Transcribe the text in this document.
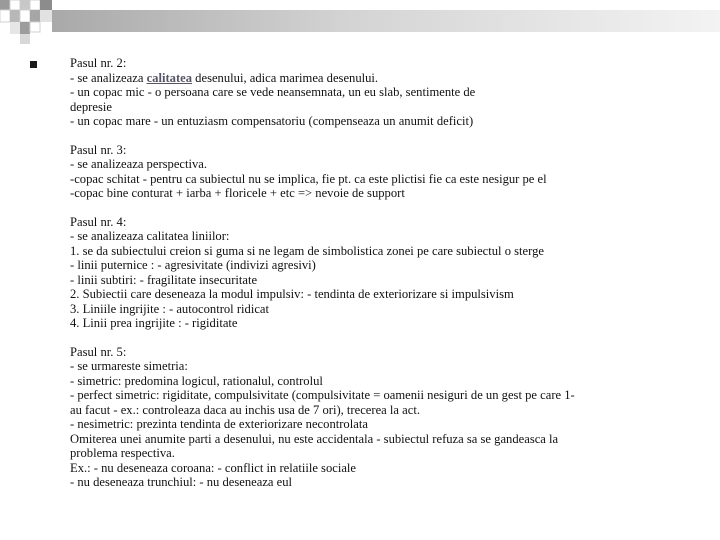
Pasul nr. 2:
- se analizeaza calitatea desenului, adica marimea desenului.
- un copac mic - o persoana care se vede neansemnata, un eu slab, sentimente de
depresie
- un copac mare - un entuziasm compensatoriu (compenseaza un anumit deficit)
Pasul nr. 3:
- se analizeaza perspectiva.
-copac schitat - pentru ca subiectul nu se implica, fie pt. ca este plictisi fie ca este nesigur pe el
-copac bine conturat + iarba + floricele + etc => nevoie de support
Pasul nr. 4:
- se analizeaza calitatea liniilor:
1. se da subiectului creion si guma si ne legam de simbolistica zonei pe care subiectul o sterge
- linii puternice : - agresivitate (indivizi agresivi)
- linii subtiri: - fragilitate insecuritate
2. Subiectii care deseneaza la modul impulsiv: - tendinta de exteriorizare si impulsivism
3. Liniile ingrijite : - autocontrol ridicat
4. Linii prea ingrijite : - rigiditate
Pasul nr. 5:
- se urmareste simetria:
- simetric: predomina logicul, rationalul, controlul
- perfect simetric: rigiditate, compulsivitate (compulsivitate = oamenii nesiguri de un gest pe care 1-
au facut - ex.: controleaza daca au inchis usa de 7 ori), trecerea la act.
- nesimetric: prezinta tendinta de exteriorizare necontrolata
Omiterea unei anumite parti a desenului, nu este accidentala - subiectul refuza sa se gandeasca la
problema respectiva.
Ex.: - nu deseneaza coroana: - conflict in relatiile sociale
- nu deseneaza trunchiul: - nu deseneaza eul
